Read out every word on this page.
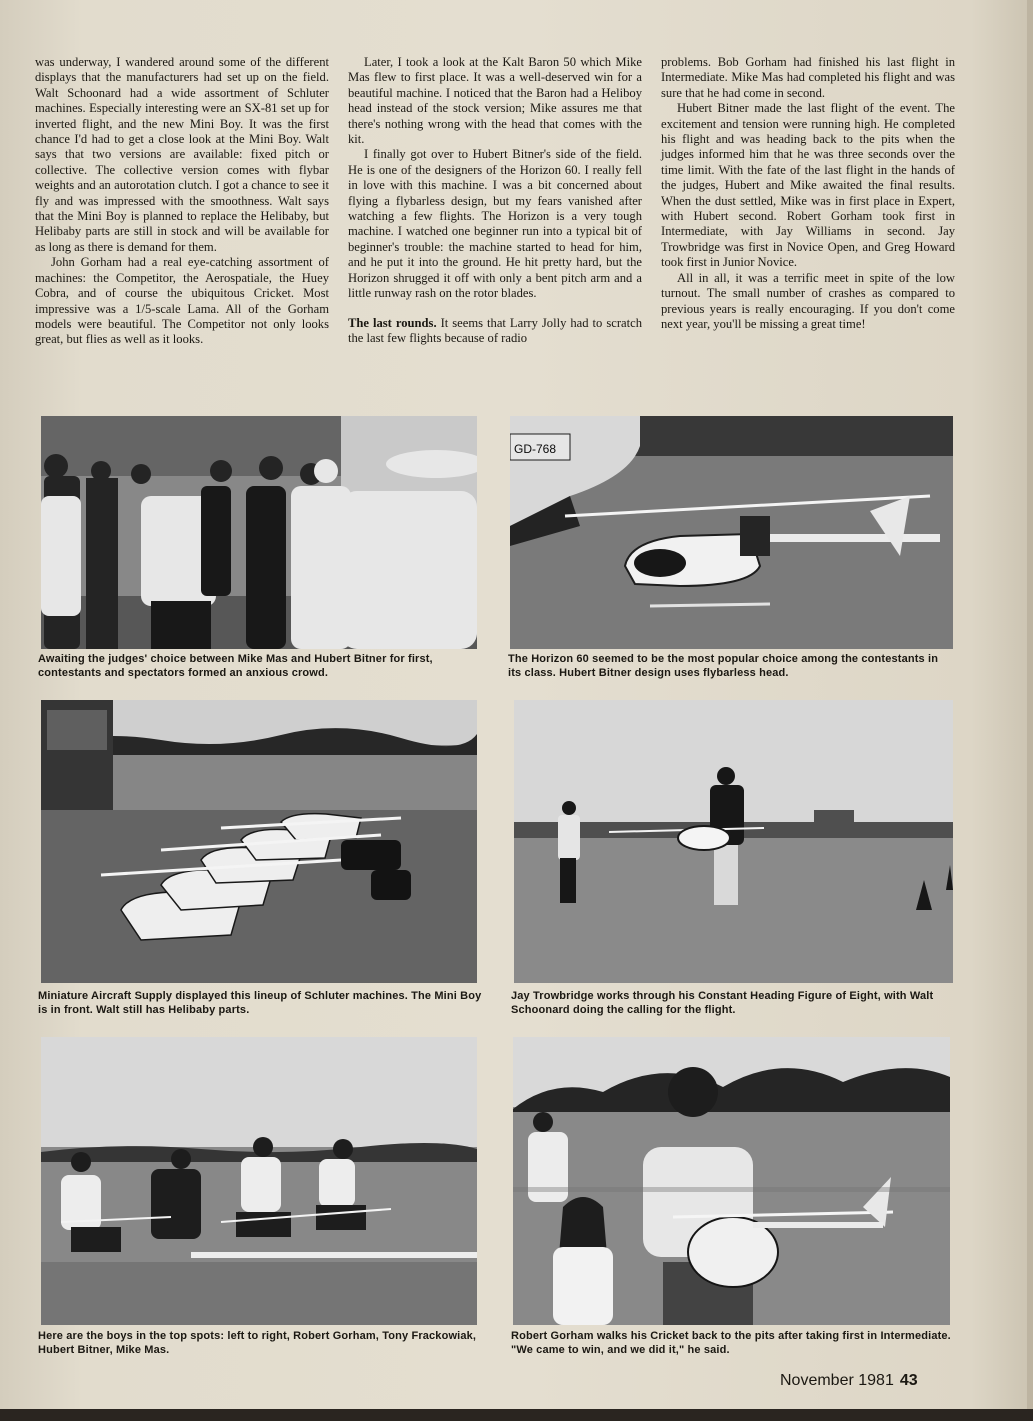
was underway, I wandered around some of the different displays that the manufacturers had set up on the field. Walt Schoonard had a wide assortment of Schluter machines. Especially interesting were an SX-81 set up for inverted flight, and the new Mini Boy. It was the first chance I'd had to get a close look at the Mini Boy. Walt says that two versions are available: fixed pitch or collective. The collective version comes with flybar weights and an autorotation clutch. I got a chance to see it fly and was impressed with the smoothness. Walt says that the Mini Boy is planned to replace the Helibaby, but Helibaby parts are still in stock and will be available for as long as there is demand for them.

John Gorham had a real eye-catching assortment of machines: the Competitor, the Aerospatiale, the Huey Cobra, and of course the ubiquitous Cricket. Most impressive was a 1/5-scale Lama. All of the Gorham models were beautiful. The Competitor not only looks great, but flies as well as it looks.

Later, I took a look at the Kalt Baron 50 which Mike Mas flew to first place. It was a well-deserved win for a beautiful machine. I noticed that the Baron had a Heliboy head instead of the stock version; Mike assures me that there's nothing wrong with the head that comes with the kit.

I finally got over to Hubert Bitner's side of the field. He is one of the designers of the Horizon 60. I really fell in love with this machine. I was a bit concerned about flying a flybarless design, but my fears vanished after watching a few flights. The Horizon is a very tough machine. I watched one beginner run into a typical bit of beginner's trouble: the machine started to head for him, and he put it into the ground. He hit pretty hard, but the Horizon shrugged it off with only a bent pitch arm and a little runway rash on the rotor blades.

The last rounds. It seems that Larry Jolly had to scratch the last few flights because of radio

problems. Bob Gorham had finished his last flight in Intermediate. Mike Mas had completed his flight and was sure that he had come in second.

Hubert Bitner made the last flight of the event. The excitement and tension were running high. He completed his flight and was heading back to the pits when the judges informed him that he was three seconds over the time limit. With the fate of the last flight in the hands of the judges, Hubert and Mike awaited the final results. When the dust settled, Mike was in first place in Expert, with Hubert second. Robert Gorham took first in Intermediate, with Jay Williams in second. Jay Trowbridge was first in Novice Open, and Greg Howard took first in Junior Novice.

All in all, it was a terrific meet in spite of the low turnout. The small number of crashes as compared to previous years is really encouraging. If you don't come next year, you'll be missing a great time!

Awaiting the judges' choice between Mike Mas and Hubert Bitner for first, contestants and spectators formed an anxious crowd.
GD-768
The Horizon 60 seemed to be the most popular choice among the contestants in its class. Hubert Bitner design uses flybarless head.
Miniature Aircraft Supply displayed this lineup of Schluter machines. The Mini Boy is in front. Walt still has Helibaby parts.
Jay Trowbridge works through his Constant Heading Figure of Eight, with Walt Schoonard doing the calling for the flight.
Here are the boys in the top spots: left to right, Robert Gorham, Tony Frackowiak, Hubert Bitner, Mike Mas.
Robert Gorham walks his Cricket back to the pits after taking first in Intermediate. "We came to win, and we did it," he said.
November 1981 43
